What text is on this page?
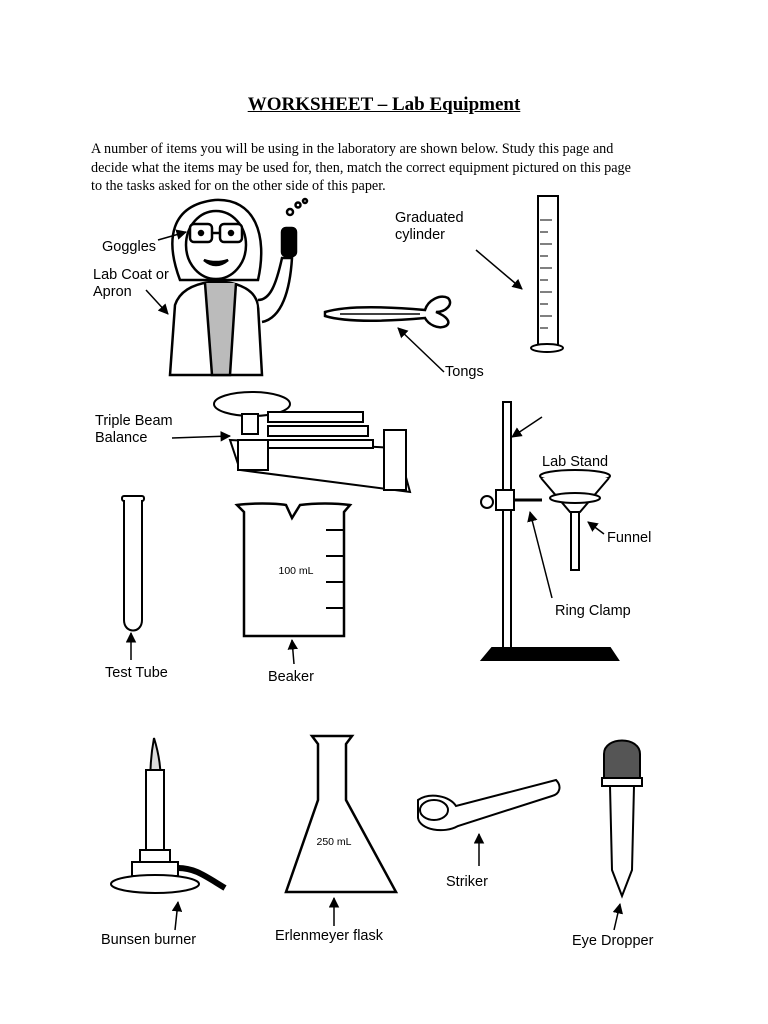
WORKSHEET – Lab Equipment
A number of items you will be using in the laboratory are shown below. Study this page and
decide what the items may be used for, then, match the correct equipment pictured on this page
to the tasks asked for on the other side of this paper.
100 mL
250 mL
Goggles
Lab Coat or
Apron
Graduated
cylinder
Tongs
Triple Beam
Balance
Lab Stand
Funnel
Ring Clamp
Test Tube	Beaker
Bunsen burner	Erlenmeyer flask
Striker
Eye Dropper
